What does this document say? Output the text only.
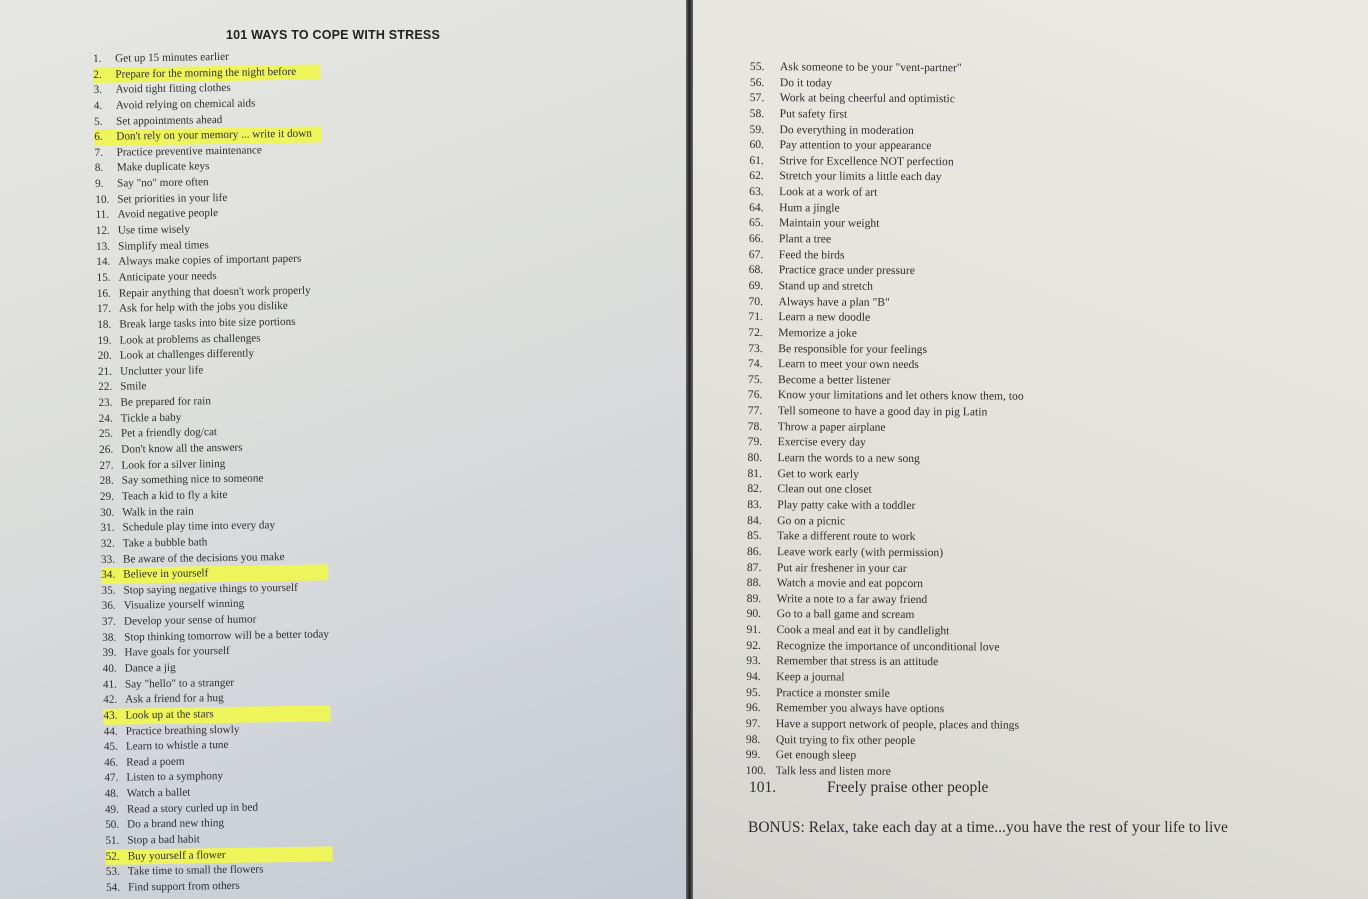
101 WAYS TO COPE WITH STRESS
1. Get up 15 minutes earlier
2. Prepare for the morning the night before
3. Avoid tight fitting clothes
4. Avoid relying on chemical aids
5. Set appointments ahead
6. Don't rely on your memory ... write it down
7. Practice preventive maintenance
8. Make duplicate keys
9. Say "no" more often
10. Set priorities in your life
11. Avoid negative people
12. Use time wisely
13. Simplify meal times
14. Always make copies of important papers
15. Anticipate your needs
16. Repair anything that doesn't work properly
17. Ask for help with the jobs you dislike
18. Break large tasks into bite size portions
19. Look at problems as challenges
20. Look at challenges differently
21. Unclutter your life
22. Smile
23. Be prepared for rain
24. Tickle a baby
25. Pet a friendly dog/cat
26. Don't know all the answers
27. Look for a silver lining
28. Say something nice to someone
29. Teach a kid to fly a kite
30. Walk in the rain
31. Schedule play time into every day
32. Take a bubble bath
33. Be aware of the decisions you make
34. Believe in yourself
35. Stop saying negative things to yourself
36. Visualize yourself winning
37. Develop your sense of humor
38. Stop thinking tomorrow will be a better today
39. Have goals for yourself
40. Dance a jig
41. Say "hello" to a stranger
42. Ask a friend for a hug
43. Look up at the stars
44. Practice breathing slowly
45. Learn to whistle a tune
46. Read a poem
47. Listen to a symphony
48. Watch a ballet
49. Read a story curled up in bed
50. Do a brand new thing
51. Stop a bad habit
52. Buy yourself a flower
53. Take time to small the flowers
54. Find support from others
55. Ask someone to be your "vent-partner"
56. Do it today
57. Work at being cheerful and optimistic
58. Put safety first
59. Do everything in moderation
60. Pay attention to your appearance
61. Strive for Excellence NOT perfection
62. Stretch your limits a little each day
63. Look at a work of art
64. Hum a jingle
65. Maintain your weight
66. Plant a tree
67. Feed the birds
68. Practice grace under pressure
69. Stand up and stretch
70. Always have a plan "B"
71. Learn a new doodle
72. Memorize a joke
73. Be responsible for your feelings
74. Learn to meet your own needs
75. Become a better listener
76. Know your limitations and let others know them, too
77. Tell someone to have a good day in pig Latin
78. Throw a paper airplane
79. Exercise every day
80. Learn the words to a new song
81. Get to work early
82. Clean out one closet
83. Play patty cake with a toddler
84. Go on a picnic
85. Take a different route to work
86. Leave work early (with permission)
87. Put air freshener in your car
88. Watch a movie and eat popcorn
89. Write a note to a far away friend
90. Go to a ball game and scream
91. Cook a meal and eat it by candlelight
92. Recognize the importance of unconditional love
93. Remember that stress is an attitude
94. Keep a journal
95. Practice a monster smile
96. Remember you always have options
97. Have a support network of people, places and things
98. Quit trying to fix other people
99. Get enough sleep
100. Talk less and listen more
101.	Freely praise other people
BONUS: Relax, take each day at a time...you have the rest of your life to live
